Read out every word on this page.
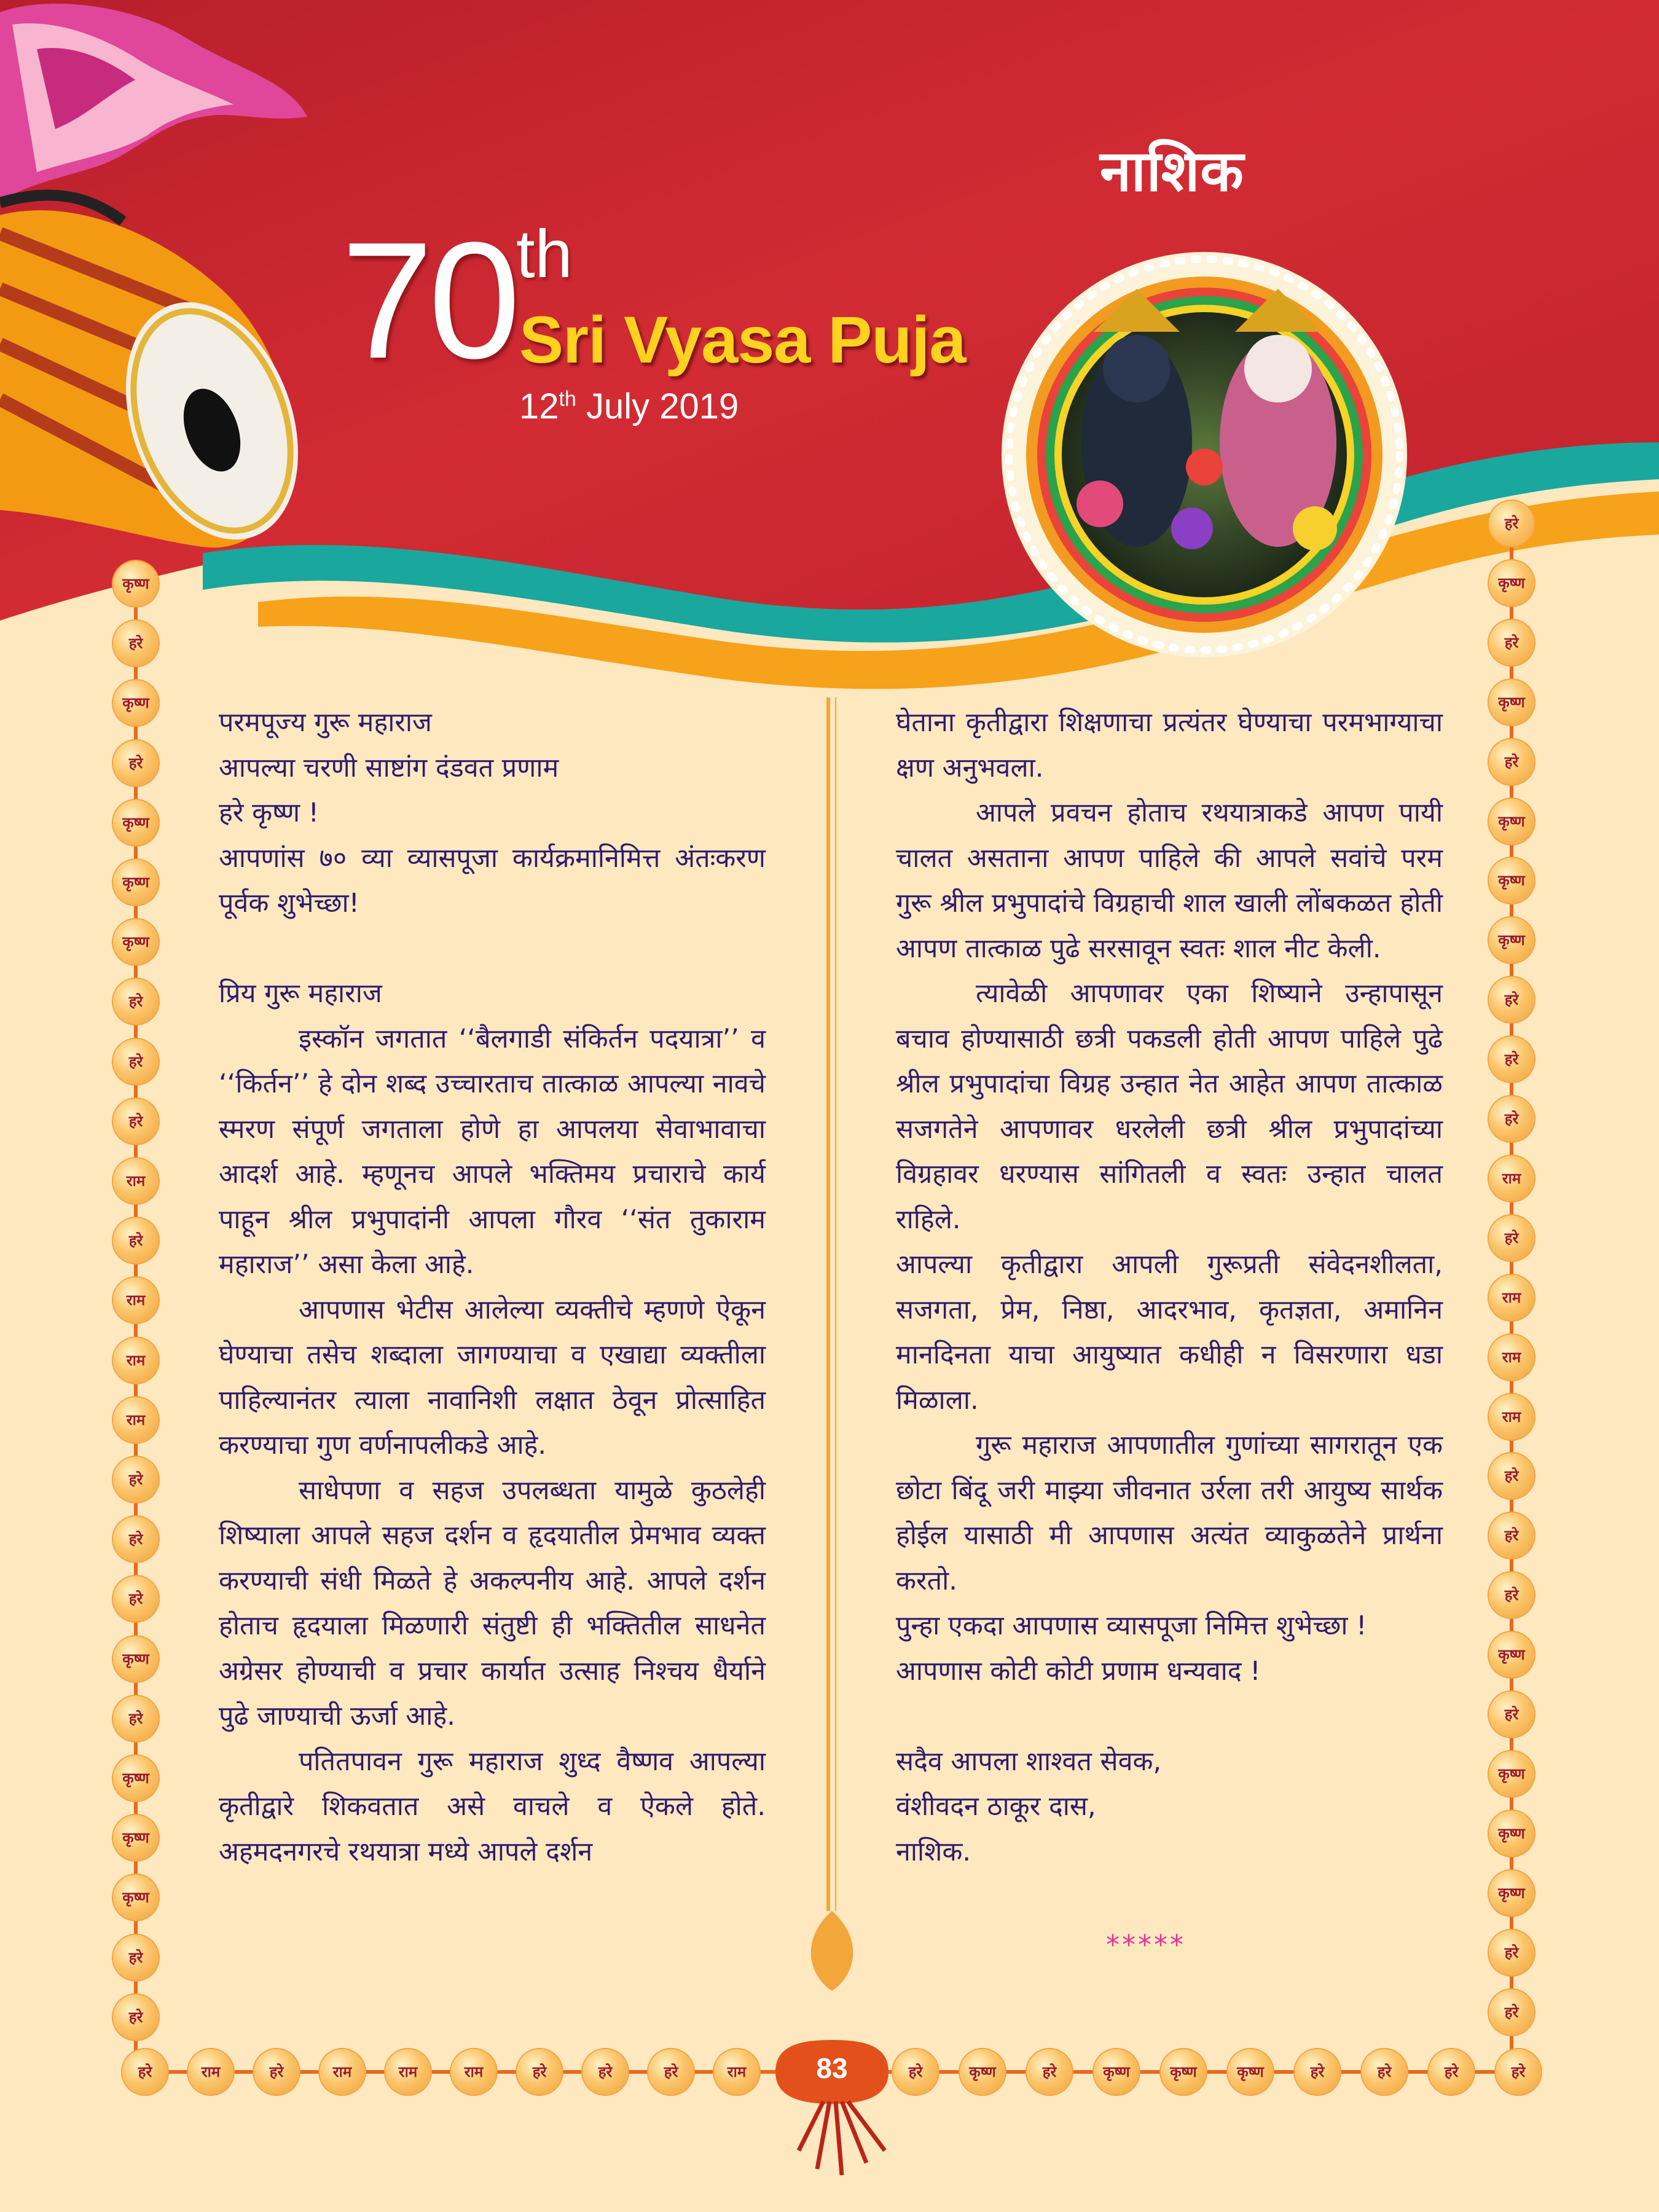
नाशिक
70 th
Sri Vyasa Puja
12th July 2019

परमपूज्य गुरू महाराज

आपल्या चरणी साष्टांग दंडवत प्रणाम

हरे कृष्ण !

आपणांस ७० व्या व्यासपूजा कार्यक्रमानिमित्त अंतःकरण पूर्वक शुभेच्छा!

प्रिय गुरू महाराज

इस्कॉन जगतात ‘‘बैलगाडी संकिर्तन पदयात्रा’’ व ‘‘किर्तन’’ हे दोन शब्द उच्चारताच तात्काळ आपल्या नावचे स्मरण संपूर्ण जगताला होणे हा आपलया सेवाभावाचा आदर्श आहे. म्हणूनच आपले भक्तिमय प्रचाराचे कार्य पाहून श्रील प्रभुपादांनी आपला गौरव ‘‘संत तुकाराम महाराज’’ असा केला आहे.

आपणास भेटीस आलेल्या व्यक्तीचे म्हणणे ऐकून घेण्याचा तसेच शब्दाला जागण्याचा व एखाद्या व्यक्तीला पाहिल्यानंतर त्याला नावानिशी लक्षात ठेवून प्रोत्साहित करण्याचा गुण वर्णनापलीकडे आहे.

साधेपणा व सहज उपलब्धता यामुळे कुठलेही शिष्याला आपले सहज दर्शन व हृदयातील प्रेमभाव व्यक्त करण्याची संधी मिळते हे अकल्पनीय आहे. आपले दर्शन होताच हृदयाला मिळणारी संतुष्टी ही भक्तितील साधनेत अग्रेसर होण्याची व प्रचार कार्यात उत्साह निश्चय धैर्याने पुढे जाण्याची ऊर्जा आहे.

पतितपावन गुरू महाराज शुध्द वैष्णव आपल्या कृतीद्वारे शिकवतात असे वाचले व ऐकले होते. अहमदनगरचे रथयात्रा मध्ये आपले दर्शन

घेताना कृतीद्वारा शिक्षणाचा प्रत्यंतर घेण्याचा परमभाग्याचा क्षण अनुभवला.

आपले प्रवचन होताच रथयात्राकडे आपण पायी चालत असताना आपण पाहिले की आपले सवांचे परम गुरू श्रील प्रभुपादांचे विग्रहाची शाल खाली लोंबकळत होती आपण तात्काळ पुढे सरसावून स्वतः शाल नीट केली.

त्यावेळी आपणावर एका शिष्याने उन्हापासून बचाव होण्यासाठी छत्री पकडली होती आपण पाहिले पुढे श्रील प्रभुपादांचा विग्रह उन्हात नेत आहेत आपण तात्काळ सजगतेने आपणावर धरलेली छत्री श्रील प्रभुपादांच्या विग्रहावर धरण्यास सांगितली व स्वतः उन्हात चालत राहिले.

आपल्या कृतीद्वारा आपली गुरूप्रती संवेदनशीलता, सजगता, प्रेम, निष्ठा, आदरभाव, कृतज्ञता, अमानिन मानदिनता याचा आयुष्यात कधीही न विसरणारा धडा मिळाला.

गुरू महाराज आपणातील गुणांच्या सागरातून एक छोटा बिंदू जरी माझ्या जीवनात उर्रला तरी आयुष्य सार्थक होईल यासाठी मी आपणास अत्यंत व्याकुळतेने प्रार्थना करतो.

पुन्हा एकदा आपणास व्यासपूजा निमित्त शुभेच्छा !

आपणास कोटी कोटी प्रणाम धन्यवाद !

सदैव आपला शाश्वत सेवक,

वंशीवदन ठाकूर दास,

नाशिक.

*****
83
कृष्ण
हरे
कृष्ण
हरे
कृष्ण
कृष्ण
कृष्ण
हरे
हरे
हरे
राम
हरे
राम
राम
राम
हरे
हरे
हरे
कृष्ण
हरे
कृष्ण
कृष्ण
कृष्ण
हरे
हरे
हरे
कृष्ण
हरे
कृष्ण
हरे
कृष्ण
कृष्ण
कृष्ण
हरे
हरे
हरे
राम
हरे
राम
राम
राम
हरे
हरे
हरे
कृष्ण
हरे
कृष्ण
कृष्ण
कृष्ण
हरे
हरे
हरे	राम	हरे	राम	राम	राम	हरे	हरे	हरे	राम	हरे	कृष्ण	हरे	कृष्ण	कृष्ण	कृष्ण	हरे	हरे	हरे	हरे
